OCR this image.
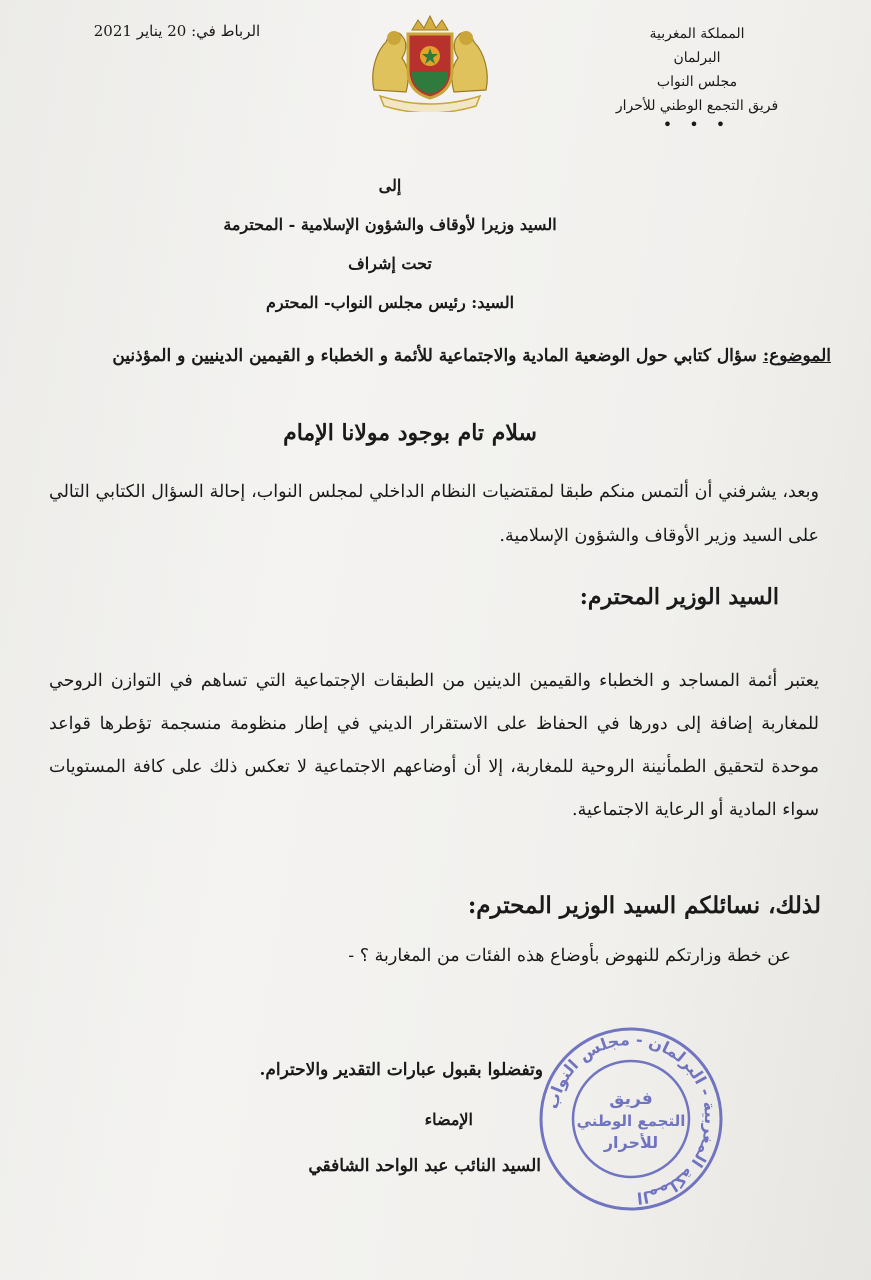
المملكة المغربية
البرلمان
مجلس النواب
فريق التجمع الوطني للأحرار
• • •
الرباط في: 20 يناير 2021
إلى
السيد وزيرا لأوقاف والشؤون الإسلامية - المحترمة
تحت إشراف
السيد: رئيس مجلس النواب- المحترم
الموضوع: سؤال كتابي حول الوضعية المادية والاجتماعية للأئمة و الخطباء و القيمين الدينيين و المؤذنين
سلام تام بوجود مولانا الإمام
وبعد، يشرفني أن ألتمس منكم طبقا لمقتضيات النظام الداخلي لمجلس النواب، إحالة السؤال الكتابي التالي على السيد وزير الأوقاف والشؤون الإسلامية.
السيد الوزير المحترم:
يعتبر أئمة المساجد و الخطباء والقيمين الدينين من الطبقات الإجتماعية التي تساهم في التوازن الروحي للمغاربة إضافة إلى دورها في الحفاظ على الاستقرار الديني في إطار منظومة منسجمة تؤطرها قواعد موحدة لتحقيق الطمأنينة الروحية للمغاربة، إلا أن أوضاعهم الاجتماعية لا تعكس ذلك على كافة المستويات سواء المادية أو الرعاية الاجتماعية.
لذلك، نسائلكم السيد الوزير المحترم:
عن خطة وزارتكم للنهوض بأوضاع هذه الفئات من المغاربة ؟ -
وتفضلوا بقبول عبارات التقدير والاحترام.
الإمضاء
السيد النائب عبد الواحد الشافقي
المملكة المغربية - البرلمان - مجلس النواب
فريق
التجمع الوطني
للأحرار
